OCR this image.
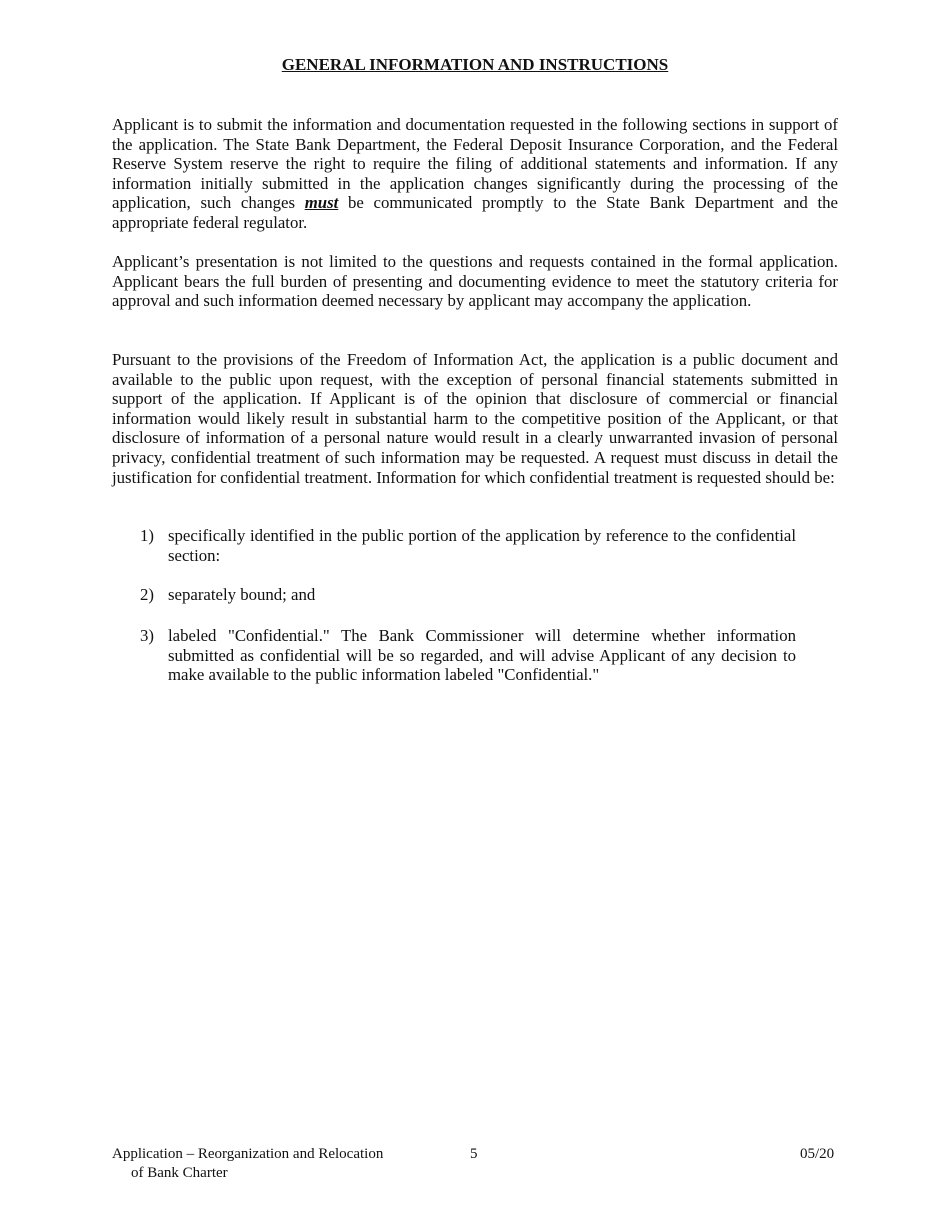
GENERAL INFORMATION AND INSTRUCTIONS

Applicant is to submit the information and documentation requested in the following sections in support of the application. The State Bank Department, the Federal Deposit Insurance Corporation, and the Federal Reserve System reserve the right to require the filing of additional statements and information. If any information initially submitted in the application changes significantly during the processing of the application, such changes must be communicated promptly to the State Bank Department and the appropriate federal regulator.

Applicant’s presentation is not limited to the questions and requests contained in the formal application. Applicant bears the full burden of presenting and documenting evidence to meet the statutory criteria for approval and such information deemed necessary by applicant may accompany the application.

Pursuant to the provisions of the Freedom of Information Act, the application is a public document and available to the public upon request, with the exception of personal financial statements submitted in support of the application. If Applicant is of the opinion that disclosure of commercial or financial information would likely result in substantial harm to the competitive position of the Applicant, or that disclosure of information of a personal nature would result in a clearly unwarranted invasion of personal privacy, confidential treatment of such information may be requested. A request must discuss in detail the justification for confidential treatment. Information for which confidential treatment is requested should be:

1) specifically identified in the public portion of the application by reference to the confidential section:
2) separately bound; and
3) labeled "Confidential." The Bank Commissioner will determine whether information submitted as confidential will be so regarded, and will advise Applicant of any decision to make available to the public information labeled "Confidential."
Application – Reorganization and Relocation
of Bank Charter
5	05/20
